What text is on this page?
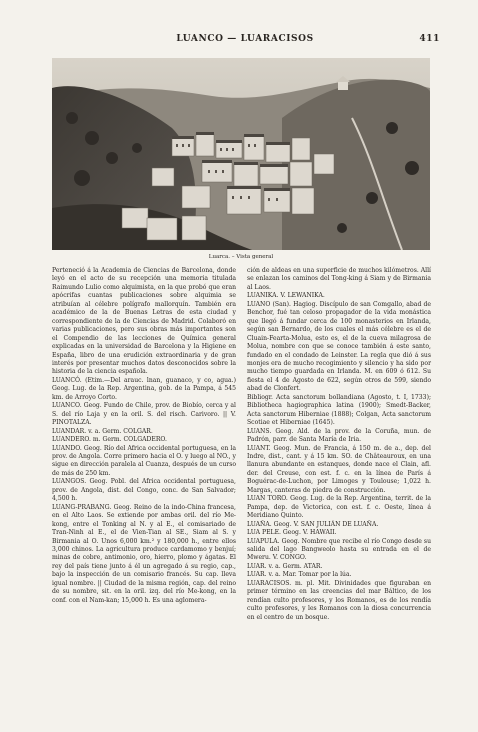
LUANCO — LUARACISOS	411
Luarca. – Vista general

Perteneció á la Academia de Ciencias de Barcelona, donde leyó en el acto de su recepción una memoria titulada Raimundo Lulio como alquimista, en la que probó que eran apócrifas cuantas publicaciones sobre alquimia se atribuían al célebre polígrafo mallorquín. También era académico de la de Buenas Letras de esta ciudad y correspondiente de la de Ciencias de Madrid. Colaboró en varias publicaciones, pero sus obras más importantes son el Compendio de las lecciones de Química general explicadas en la universidad de Barcelona y la Higiene en España, libro de una erudición extraordinaria y de gran interés por presentar muchos datos desconocidos sobre la historia de la ciencia española.

LUANCÓ. (Etim.—Del arauc. lnan, guanaco, y co, agua.) Geog. Lug. de la Rep. Argentina, gob. de la Pampa, á 545 km. de Arroyo Corto.

LUANCO. Geog. Fundo de Chile, prov. de Biobío, cerca y al S. del río Laja y en la oril. S. del risch. Carivoro. || V. PINOTALZA.

LUANDAR. v. a. Germ. COLGAR.

LUANDERO. m. Germ. COLGADERO.

LUANDO. Geog. Río del Africa occidental portuguesa, en la prov. de Angola. Corre primero hacia el O. y luego al NO., y sigue en dirección paralela al Cuanza, después de un curso de más de 250 km.

LUANGOS. Geog. Pobl. del Africa occidental portuguesa, prov. de Angola, dist. del Congo, conc. de San Salvador; 4,500 h.

LUANG-PRABANG. Geog. Reino de la indo-China francesa, en el Alto Laos. Se extiende por ambas oril. del río Me-kong, entre el Tonking al N. y al E., el comisariado de Tran-Ninh al E., el de Vien-Tian al SE., Siam al S. y Birmania al O. Unos 6,000 km.² y 180,000 h., entre ellos 3,000 chinos. La agricultura produce cardamomo y benjuí; minas de cobre, antimonio, oro, hierro, plomo y ágatas. El rey del país tiene junto á él un agregado á su regio, cap., bajo la inspección de un comisario francés. Su cap. lleva igual nombre. || Ciudad de la misma región, cap. del reino de su nombre, sit. en la oril. izq. del río Me-kong, en la conf. con el Nam-kan; 15,000 h. Es una aglomera-

ción de aldeas en una superficie de muchos kilómetros. Allí se enlazan los caminos del Tong-king á Siam y de Birmania al Laos.

LUANIKA. V. LEWANIKA.

LUANO (San). Hagiog. Discípulo de san Comgallo, abad de Benchor, fué tan celoso propagador de la vida monástica que llegó á fundar cerca de 100 monasterios en Irlanda, según san Bernardo, de los cuales el más célebre es el de Cluain-Fearta-Molua, esto es, el de la cueva milagrosa de Molua, nombre con que se conoce también á este santo, fundado en el condado de Leinster. La regla que dió á sus monjes era de mucho recogimiento y silencio y ha sido por mucho tiempo guardada en Irlanda. M. en 609 ó 612. Su fiesta el 4 de Agosto de 622, según otros de 599, siendo abad de Clonfert.

Bibliogr. Acta sanctorum bollandiana (Agosto, t. I, 1733); Bibliotheca hagiographica latina (1900); Smedt-Backer, Acta sanctorum Hiberniae (1888); Colgan, Acta sanctorum Scotiae et Hiberniae (1645).

LUANS. Geog. Ald. de la prov. de la Coruña, mun. de Padrón, parr. de Santa María de Iria.

LUANT. Geog. Mun. de Francia, á 150 m. de a., dep. del Indre, dist., cant. y á 15 km. SO. de Châteauroux, en una llanura abundante en estanques, donde nace el Clain, afl. der. del Creuse, con est. f. c. en la línea de París á Boguérac-de-Luchon, por Limoges y Toulouse; 1,022 h. Margas, canteras de piedra de construcción.

LUAN TORO. Geog. Lug. de la Rep. Argentina, territ. de la Pampa, dep. de Victorica, con est. f. c. Oeste, línea á Meridiano Quinto.

LUAÑA. Geog. V. SAN JULIÁN DE LUAÑA.

LUA PELE. Geog. V. HAWAII.

LUAPULA. Geog. Nombre que recibe el río Congo desde su salida del lago Bangweolo hasta su entrada en el de Mweru. V. CONGO.

LUAR. v. a. Germ. ATAR.

LUAR. v. a. Mar. Tomar por la lúa.

LUARACISOS. m. pl. Mit. Divinidades que figuraban en primer término en las creencias del mar Báltico, de los rendían culto profesores, y los Romanos, es de los rendía culto profesores, y les Romanos con la diosa concurrencia en el centro de un bosque.
